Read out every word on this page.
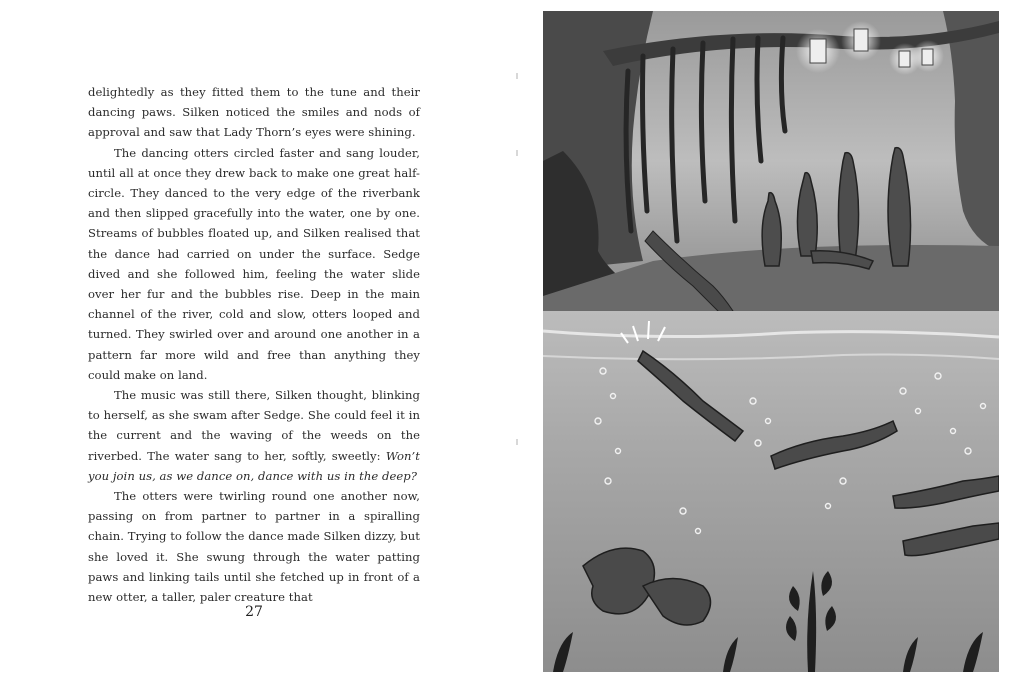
delightedly as they fitted them to the tune and their dancing paws. Silken noticed the smiles and nods of approval and saw that Lady Thorn’s eyes were shining.

The dancing otters circled faster and sang louder, until all at once they drew back to make one great half-circle. They danced to the very edge of the riverbank and then slipped gracefully into the water, one by one. Streams of bubbles floated up, and Silken realised that the dance had carried on under the surface. Sedge dived and she followed him, feeling the water slide over her fur and the bubbles rise. Deep in the main channel of the river, cold and slow, otters looped and turned. They swirled over and around one another in a pattern far more wild and free than anything they could make on land.

The music was still there, Silken thought, blinking to herself, as she swam after Sedge. She could feel it in the current and the waving of the weeds on the riverbed. The water sang to her, softly, sweetly: Won’t you join us, as we dance on, dance with us in the deep?

The otters were twirling round one another now, passing on from partner to partner in a spiralling chain. Trying to follow the dance made Silken dizzy, but she loved it. She swung through the water patting paws and linking tails until she fetched up in front of a new otter, a taller, paler creature that

27
